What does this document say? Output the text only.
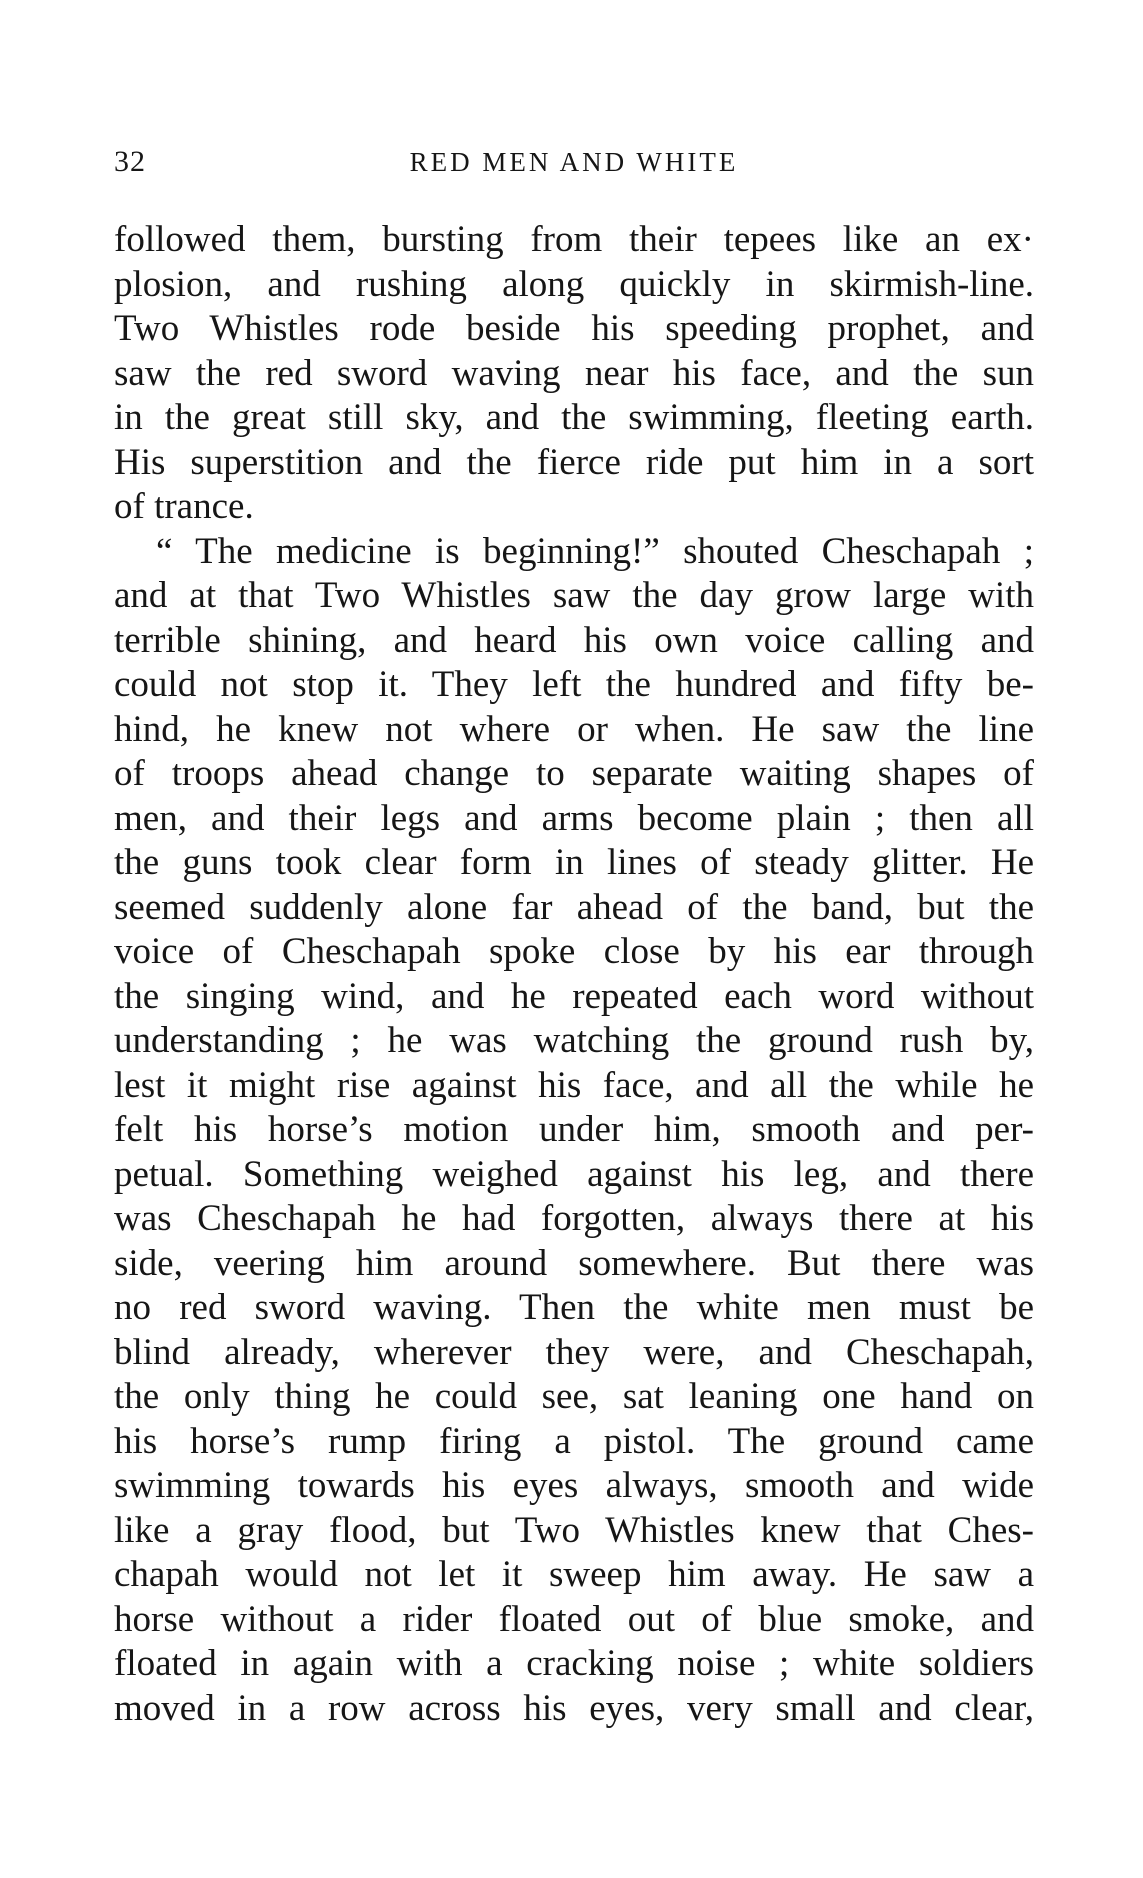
32	RED MEN AND WHITE
followed them, bursting from their tepees like an ex·
plosion, and rushing along quickly in skirmish-line.
Two Whistles rode beside his speeding prophet, and
saw the red sword waving near his face, and the sun
in the great still sky, and the swimming, fleeting earth.
His superstition and the fierce ride put him in a sort
of trance.
“ The medicine is beginning!” shouted Cheschapah ;
and at that Two Whistles saw the day grow large with
terrible shining, and heard his own voice calling and
could not stop it. They left the hundred and fifty be-
hind, he knew not where or when. He saw the line
of troops ahead change to separate waiting shapes of
men, and their legs and arms become plain ; then all
the guns took clear form in lines of steady glitter. He
seemed suddenly alone far ahead of the band, but the
voice of Cheschapah spoke close by his ear through
the singing wind, and he repeated each word without
understanding ; he was watching the ground rush by,
lest it might rise against his face, and all the while he
felt his horse’s motion under him, smooth and per-
petual. Something weighed against his leg, and there
was Cheschapah he had forgotten, always there at his
side, veering him around somewhere. But there was
no red sword waving. Then the white men must be
blind already, wherever they were, and Cheschapah,
the only thing he could see, sat leaning one hand on
his horse’s rump firing a pistol. The ground came
swimming towards his eyes always, smooth and wide
like a gray flood, but Two Whistles knew that Ches-
chapah would not let it sweep him away. He saw a
horse without a rider floated out of blue smoke, and
floated in again with a cracking noise ; white soldiers
moved in a row across his eyes, very small and clear,
